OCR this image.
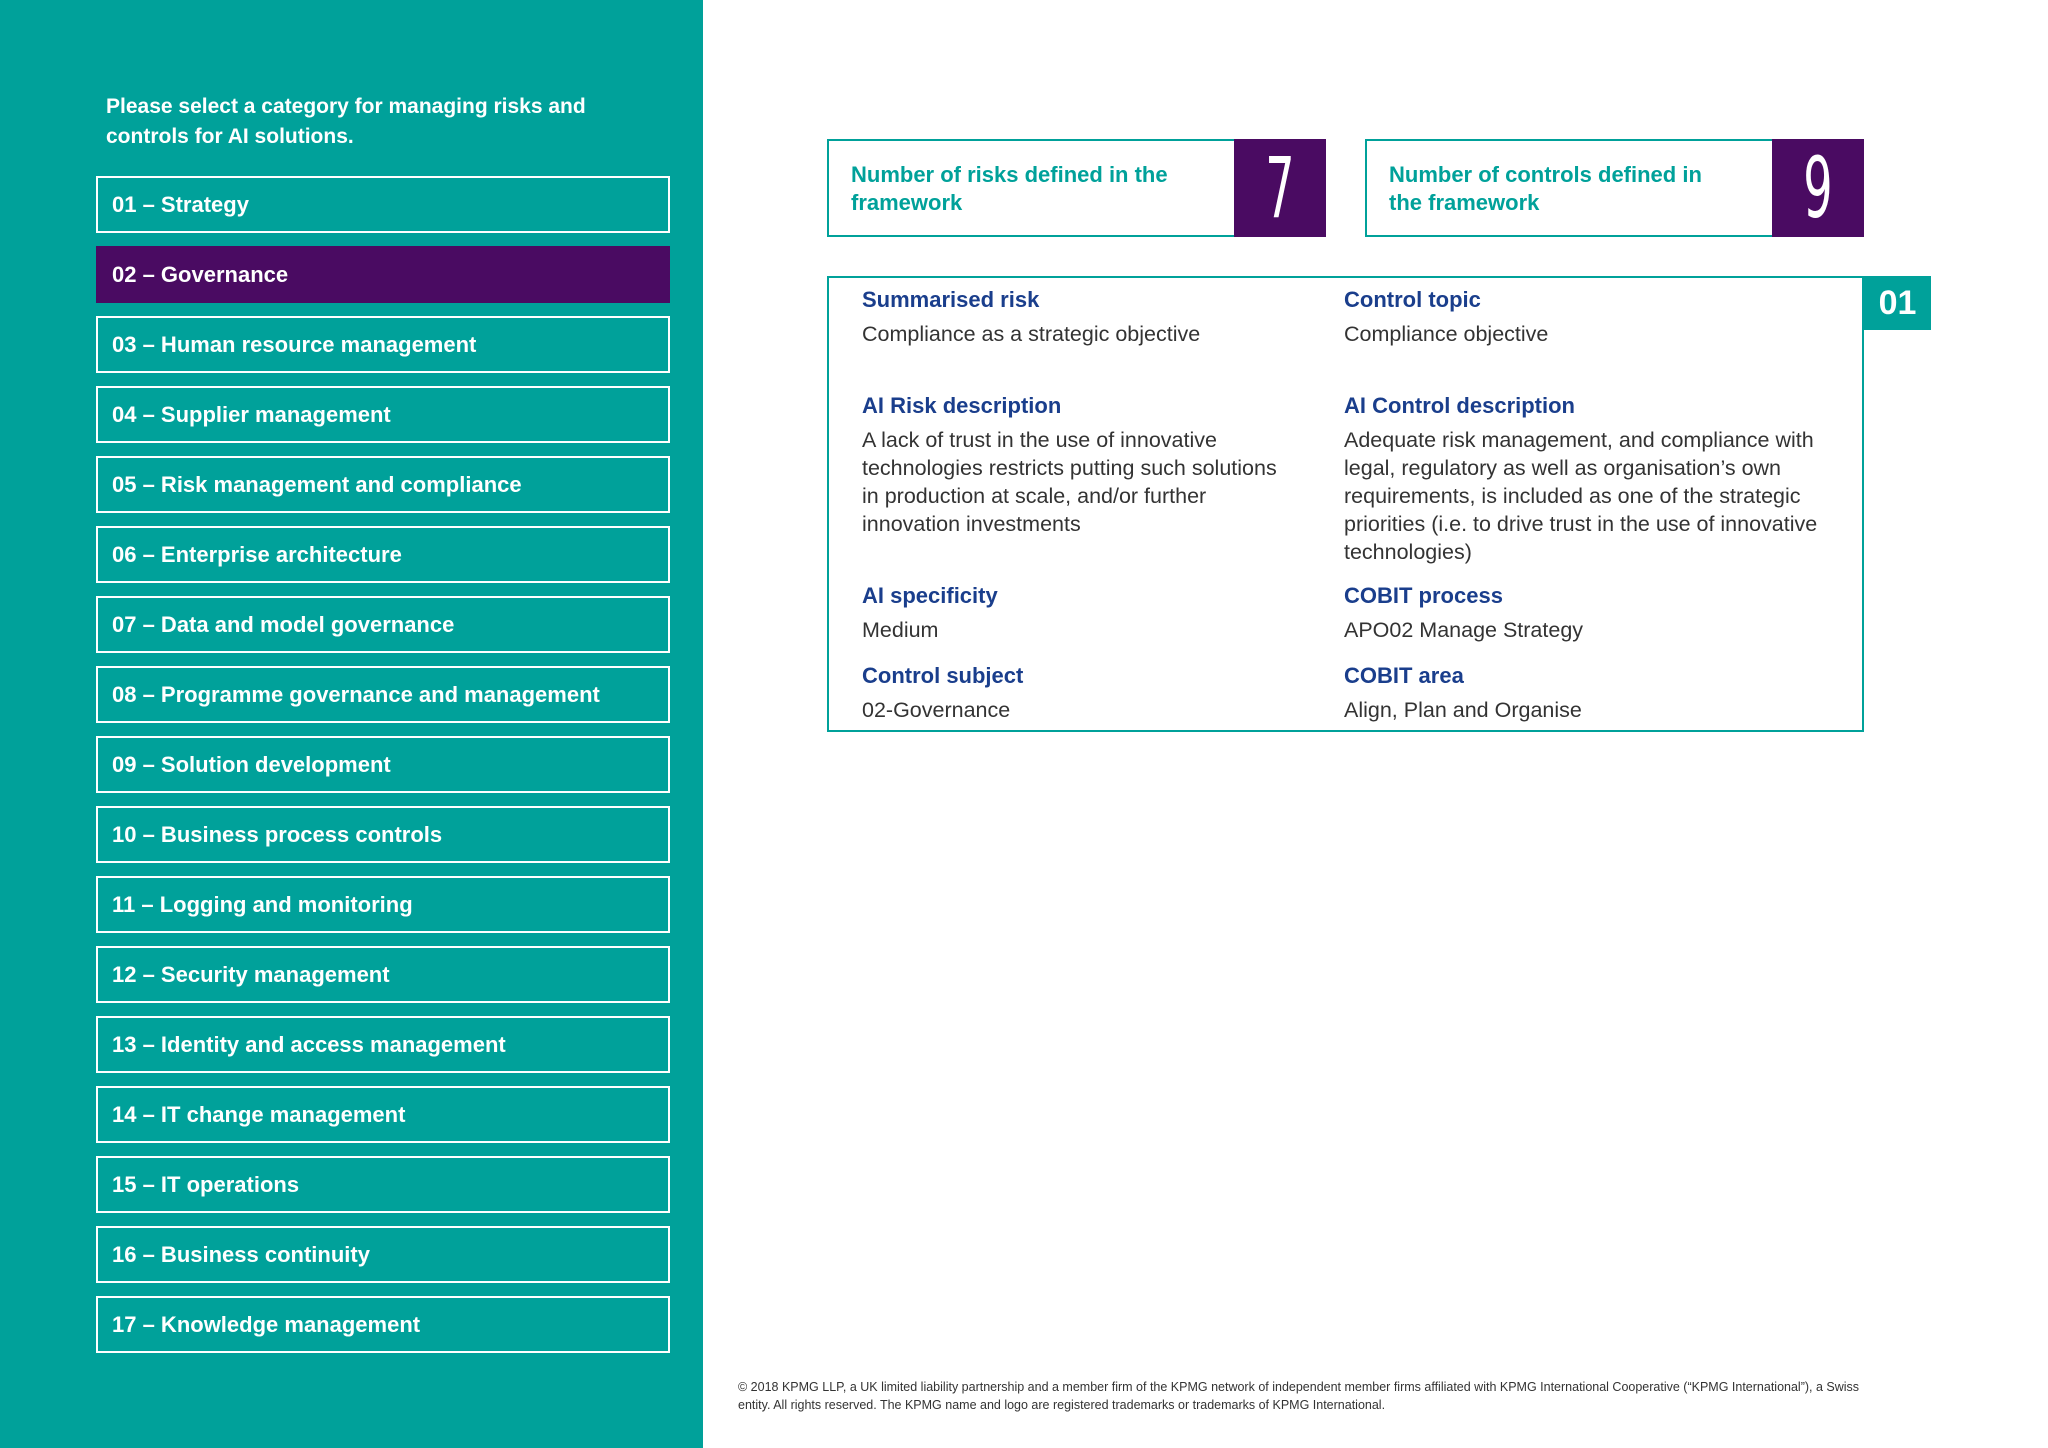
Please select a category for managing risks and controls for AI solutions.
01 – Strategy
02 – Governance
03 – Human resource management
04 – Supplier management
05 – Risk management and compliance
06 – Enterprise architecture
07 – Data and model governance
08 – Programme governance and management
09 – Solution development
10 – Business process controls
11 – Logging and monitoring
12 – Security management
13 – Identity and access management
14 – IT change management
15 – IT operations
16 – Business continuity
17 – Knowledge management
Number of risks defined in the framework	7	Number of controls defined in the framework	9
Summarised risk
Compliance as a strategic objective
Control topic
Compliance objective
AI Risk description
A lack of trust in the use of innovative technologies restricts putting such solutions in production at scale, and/or further innovation investments
AI Control description
Adequate risk management, and compliance with legal, regulatory as well as organisation’s own requirements, is included as one of the strategic priorities (i.e. to drive trust in the use of innovative technologies)
AI specificity
Medium
COBIT process
APO02 Manage Strategy
Control subject
02-Governance
COBIT area
Align, Plan and Organise
01
© 2018 KPMG LLP, a UK limited liability partnership and a member firm of the KPMG network of independent member firms affiliated with KPMG International Cooperative (“KPMG International”), a Swiss entity. All rights reserved. The KPMG name and logo are registered trademarks or trademarks of KPMG International.
